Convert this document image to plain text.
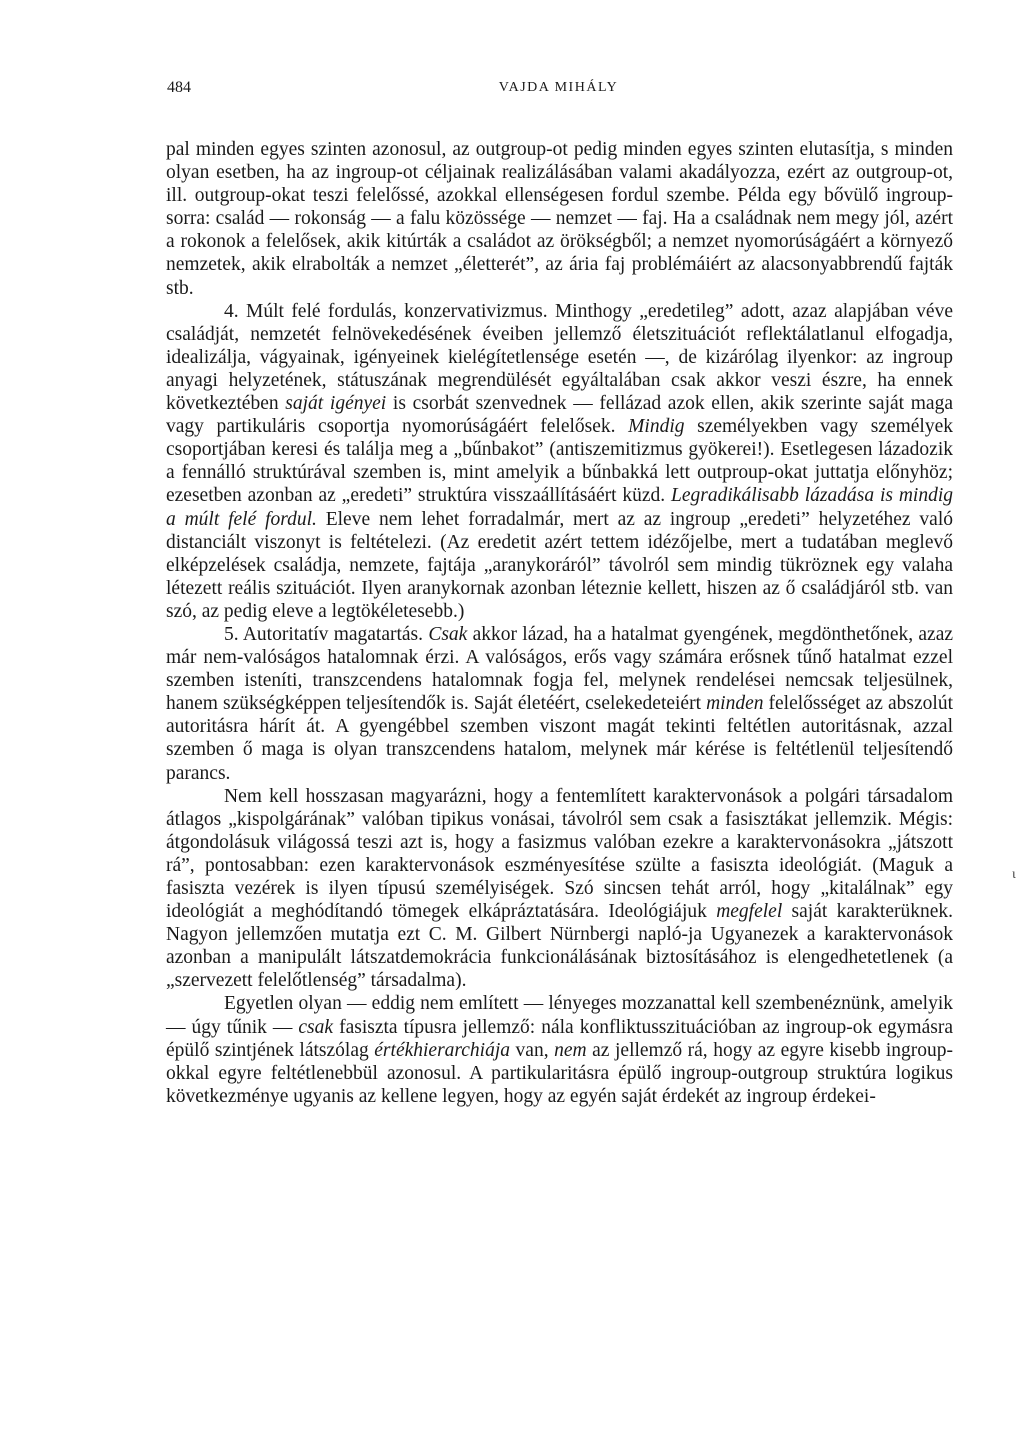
484	VAJDA MIHÁLY

pal minden egyes szinten azonosul, az outgroup-ot pedig minden egyes szinten elutasítja, s minden olyan esetben, ha az ingroup-ot céljainak realizálásában valami akadályozza, ezért az outgroup-ot, ill. outgroup-okat teszi felelőssé, azokkal ellenségesen fordul szembe. Példa egy bővülő ingroup-sorra: család — rokonság — a falu közössége — nemzet — faj. Ha a családnak nem megy jól, azért a rokonok a felelősek, akik kitúrták a családot az örökségből; a nemzet nyomorúságáért a környező nemzetek, akik elrabolták a nemzet „életterét”, az ária faj problémáiért az alacsonyabbrendű fajták stb.

4. Múlt felé fordulás, konzervativizmus. Minthogy „eredetileg” adott, azaz alapjában véve családját, nemzetét felnövekedésének éveiben jellemző életszituációt reflektálatlanul elfogadja, idealizálja, vágyainak, igényeinek kielégítetlensége esetén —, de kizárólag ilyenkor: az ingroup anyagi helyzetének, státuszának megrendülését egyáltalában csak akkor veszi észre, ha ennek következtében saját igényei is csorbát szenvednek — fellázad azok ellen, akik szerinte saját maga vagy partikuláris csoportja nyomorúságáért felelősek. Mindig személyekben vagy személyek csoportjában keresi és találja meg a „bűnbakot” (antiszemitizmus gyökerei!). Esetlegesen lázadozik a fennálló struktúrával szemben is, mint amelyik a bűnbakká lett outproup-okat juttatja előnyhöz; ezesetben azonban az „eredeti” struktúra visszaállításáért küzd. Legradikálisabb lázadása is mindig a múlt felé fordul. Eleve nem lehet forradalmár, mert az az ingroup „eredeti” helyzetéhez való distanciált viszonyt is feltételezi. (Az eredetit azért tettem idézőjelbe, mert a tudatában meglevő elképzelések családja, nemzete, fajtája „aranykoráról” távolról sem mindig tükröznek egy valaha létezett reális szituációt. Ilyen aranykornak azonban léteznie kellett, hiszen az ő családjáról stb. van szó, az pedig eleve a legtökéletesebb.)

5. Autoritatív magatartás. Csak akkor lázad, ha a hatalmat gyengének, megdönthetőnek, azaz már nem-valóságos hatalomnak érzi. A valóságos, erős vagy számára erősnek tűnő hatalmat ezzel szemben isteníti, transzcendens hatalomnak fogja fel, melynek rendelései nemcsak teljesülnek, hanem szükségképpen teljesítendők is. Saját életéért, cselekedeteiért minden felelősséget az abszolút autoritásra hárít át. A gyengébbel szemben viszont magát tekinti feltétlen autoritásnak, azzal szemben ő maga is olyan transzcendens hatalom, melynek már kérése is feltétlenül teljesítendő parancs.

Nem kell hosszasan magyarázni, hogy a fentemlített karaktervonások a polgári társadalom átlagos „kispolgárának” valóban tipikus vonásai, távolról sem csak a fasisztákat jellemzik. Mégis: átgondolásuk világossá teszi azt is, hogy a fasizmus valóban ezekre a karaktervonásokra „játszott rá”, pontosabban: ezen karaktervonások eszményesítése szülte a fasiszta ideológiát. (Maguk a fasiszta vezérek is ilyen típusú személyiségek. Szó sincsen tehát arról, hogy „kitalálnak” egy ideológiát a meghódítandó tömegek elkápráztatására. Ideológiájuk megfelel saját karakterüknek. Nagyon jellemzően mutatja ezt C. M. Gilbert Nürnbergi napló-ja Ugyanezek a karaktervonások azonban a manipulált látszatdemokrácia funkcionálásának biztosításához is elengedhetetlenek (a „szervezett felelőtlenség” társadalma).

Egyetlen olyan — eddig nem említett — lényeges mozzanattal kell szembenéznünk, amelyik — úgy tűnik — csak fasiszta típusra jellemző: nála konfliktusszituációban az ingroup-ok egymásra épülő szintjének látszólag értékhierarchiája van, nem az jellemző rá, hogy az egyre kisebb ingroup-okkal egyre feltétlenebbül azonosul. A partikularitásra épülő ingroup-outgroup struktúra logikus következménye ugyanis az kellene legyen, hogy az egyén saját érdekét az ingroup érdekei-

ι
